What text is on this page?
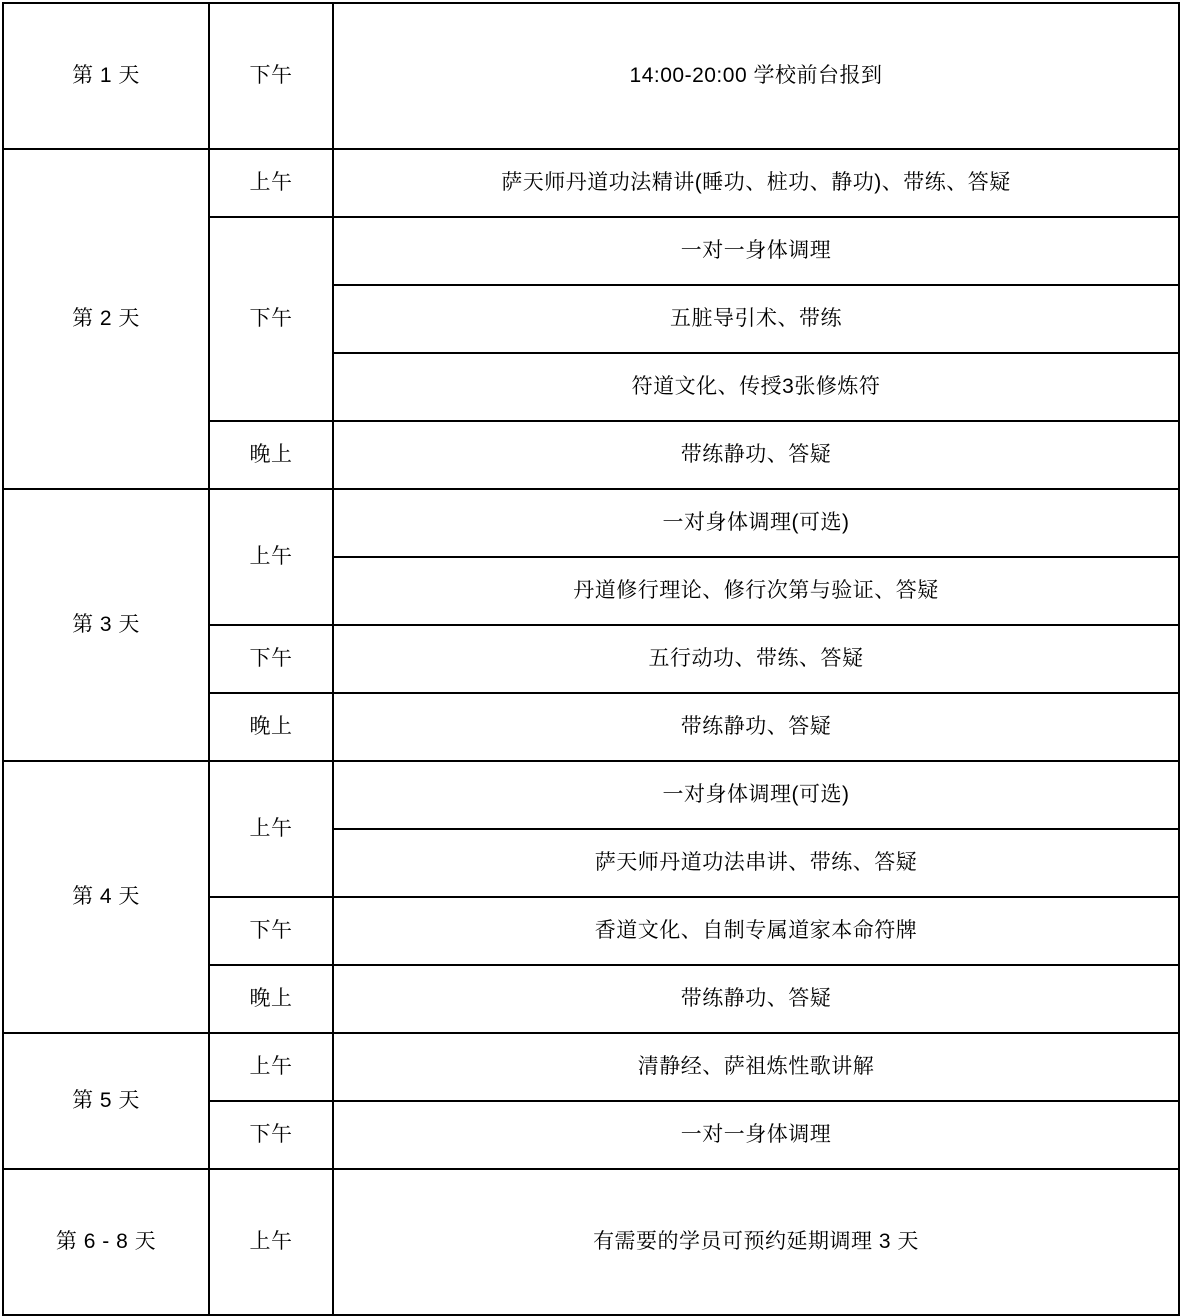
第 1 天	下午	14:00-20:00 学校前台报到
第 2 天	上午	萨天师丹道功法精讲(睡功、桩功、静功)、带练、答疑
	下午	一对一身体调理
		五脏导引术、带练
		符道文化、传授3张修炼符
	晚上	带练静功、答疑
第 3 天	上午	一对身体调理(可选)
		丹道修行理论、修行次第与验证、答疑
	下午	五行动功、带练、答疑
	晚上	带练静功、答疑
第 4 天	上午	一对身体调理(可选)
		萨天师丹道功法串讲、带练、答疑
	下午	香道文化、自制专属道家本命符牌
	晚上	带练静功、答疑
第 5 天	上午	清静经、萨祖炼性歌讲解
	下午	一对一身体调理
第 6 - 8 天	上午	有需要的学员可预约延期调理 3 天
